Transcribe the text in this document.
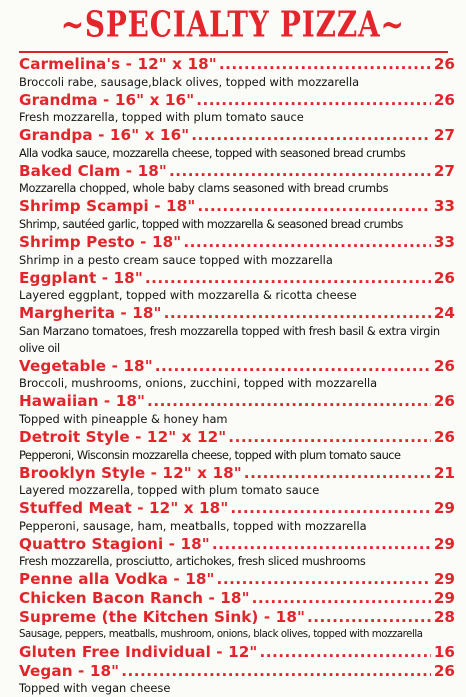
~SPECIALTY PIZZA~
Carmelina's - 12" x 18" .....	26
Broccoli rabe, sausage,black olives, topped with mozzarella
Grandma - 16" x 16" .....	26
Fresh mozzarella, topped with plum tomato sauce
Grandpa - 16" x 16" .....	27
Alla vodka sauce, mozzarella cheese, topped with seasoned bread crumbs
Baked Clam - 18" .....	27
Mozzarella chopped, whole baby clams seasoned with bread crumbs
Shrimp Scampi - 18" .....	33
Shrimp, sautéed garlic, topped with mozzarella & seasoned bread crumbs
Shrimp Pesto - 18" .....	33
Shrimp in a pesto cream sauce topped with mozzarella
Eggplant - 18" .....	26
Layered eggplant, topped with mozzarella & ricotta cheese
Margherita - 18" .....	24
San Marzano tomatoes, fresh mozzarella topped with fresh basil & extra virgin olive oil
Vegetable - 18" .....	26
Broccoli, mushrooms, onions, zucchini, topped with mozzarella
Hawaiian - 18" .....	26
Topped with pineapple & honey ham
Detroit Style - 12" x 12" .....	26
Pepperoni, Wisconsin mozzarella cheese, topped with plum tomato sauce
Brooklyn Style - 12" x 18" .....	21
Layered mozzarella, topped with plum tomato sauce
Stuffed Meat - 12" x 18" .....	29
Pepperoni, sausage, ham, meatballs, topped with mozzarella
Quattro Stagioni - 18" .....	29
Fresh mozzarella, prosciutto, artichokes, fresh sliced mushrooms
Penne alla Vodka - 18" .....	29
Chicken Bacon Ranch - 18" .....	29
Supreme (the Kitchen Sink) - 18" .....	28
Sausage, peppers, meatballs, mushroom, onions, black olives, topped with mozzarella
Gluten Free Individual - 12" .....	16
Vegan - 18" .....	26
Topped with vegan cheese
